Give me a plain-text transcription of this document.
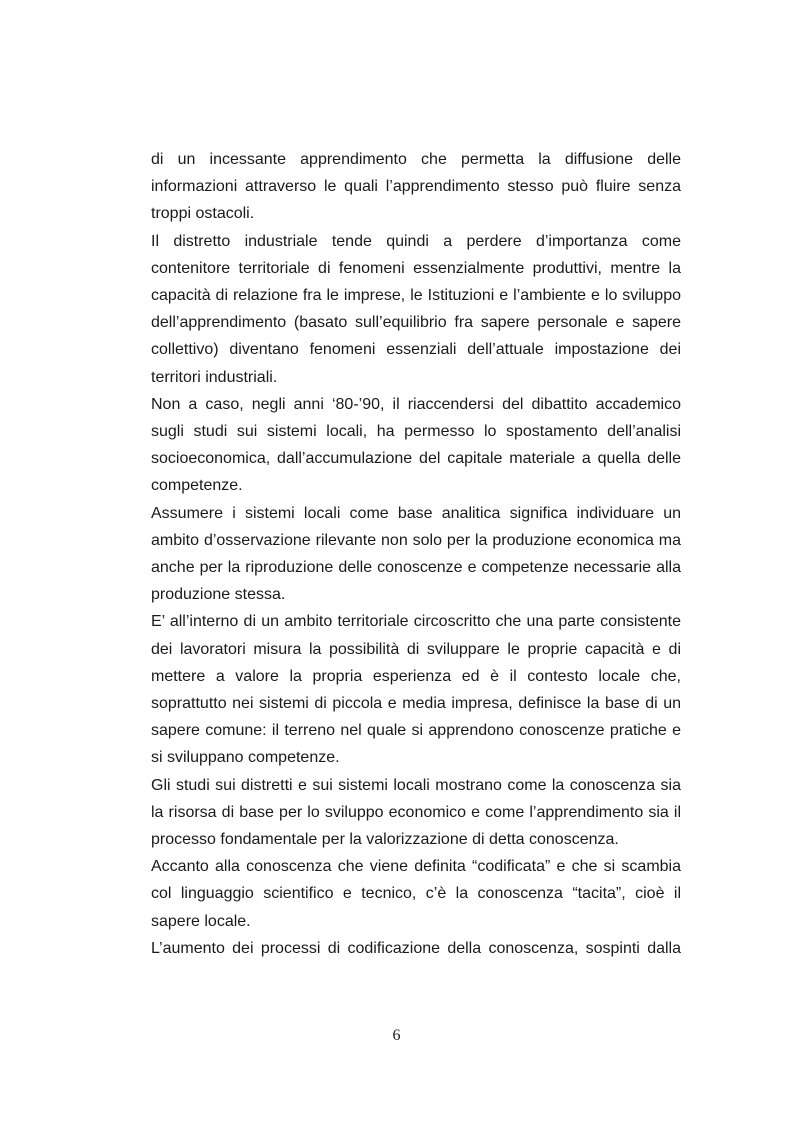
di un incessante apprendimento che permetta la diffusione delle informazioni attraverso le quali l’apprendimento stesso può fluire senza troppi ostacoli.

Il distretto industriale tende quindi a perdere d’importanza come contenitore territoriale di fenomeni essenzialmente produttivi, mentre la capacità di relazione fra le imprese, le Istituzioni e l’ambiente e lo sviluppo dell’apprendimento (basato sull’equilibrio fra sapere personale e sapere collettivo) diventano fenomeni essenziali dell’attuale impostazione dei territori industriali.

Non a caso, negli anni ‘80-’90, il riaccendersi del dibattito accademico sugli studi sui sistemi locali, ha permesso lo spostamento dell’analisi socioeconomica, dall’accumulazione del capitale materiale a quella delle competenze.

Assumere i sistemi locali come base analitica significa individuare un ambito d’osservazione rilevante non solo per la produzione economica ma anche per la riproduzione delle conoscenze e competenze necessarie alla produzione stessa.

E’ all’interno di un ambito territoriale circoscritto che una parte consistente dei lavoratori misura la possibilità di sviluppare le proprie capacità e di mettere a valore la propria esperienza ed è il contesto locale che, soprattutto nei sistemi di piccola e media impresa, definisce la base di un sapere comune: il terreno nel quale si apprendono conoscenze pratiche e si sviluppano competenze.

Gli studi sui distretti e sui sistemi locali mostrano come la conoscenza sia la risorsa di base per lo sviluppo economico e come l’apprendimento sia il processo fondamentale per la valorizzazione di detta conoscenza.

Accanto alla conoscenza che viene definita “codificata” e che si scambia col linguaggio scientifico e tecnico, c’è la conoscenza “tacita”, cioè il sapere locale.

L’aumento dei processi di codificazione della conoscenza, sospinti dalla

6
